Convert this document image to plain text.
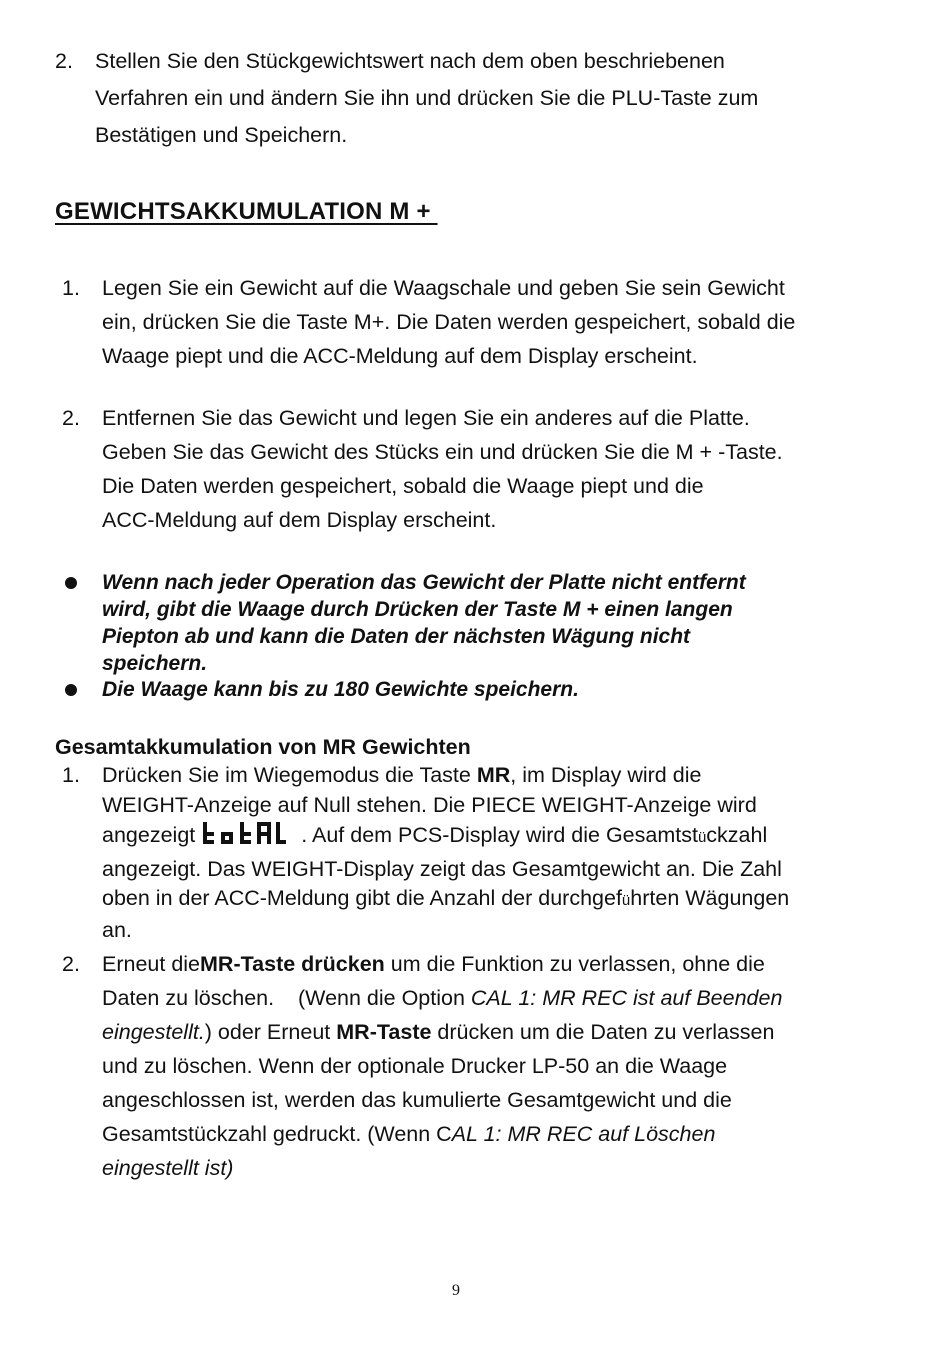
2.	Stellen Sie den Stückgewichtswert nach dem oben beschriebenen
Verfahren ein und ändern Sie ihn und drücken Sie die PLU-Taste zum
Bestätigen und Speichern.
GEWICHTSAKKUMULATION M +
1.	Legen Sie ein Gewicht auf die Waagschale und geben Sie sein Gewicht
ein, drücken Sie die Taste M+. Die Daten werden gespeichert, sobald die
Waage piept und die ACC-Meldung auf dem Display erscheint.
2.	Entfernen Sie das Gewicht und legen Sie ein anderes auf die Platte.
Geben Sie das Gewicht des Stücks ein und drücken Sie die M + -Taste.
Die Daten werden gespeichert, sobald die Waage piept und die
ACC-Meldung auf dem Display erscheint.
Wenn nach jeder Operation das Gewicht der Platte nicht entfernt
wird, gibt die Waage durch Drücken der Taste M + einen langen
Piepton ab und kann die Daten der nächsten Wägung nicht
speichern.
Die Waage kann bis zu 180 Gewichte speichern.
Gesamtakkumulation von MR Gewichten
1.	Drücken Sie im Wiegemodus die Taste MR, im Display wird die
WEIGHT-Anzeige auf Null stehen. Die PIECE WEIGHT-Anzeige wird
angezeigt	. Auf dem PCS-Display wird die Gesamtstückzahl
angezeigt. Das WEIGHT-Display zeigt das Gesamtgewicht an. Die Zahl
oben in der ACC-Meldung gibt die Anzahl der durchgeführten Wägungen
an.
2.	Erneut dieMR-Taste drücken um die Funktion zu verlassen, ohne die
Daten zu löschen.    (Wenn die Option CAL 1: MR REC ist auf Beenden
eingestellt.) oder Erneut MR-Taste drücken um die Daten zu verlassen
und zu löschen. Wenn der optionale Drucker LP-50 an die Waage
angeschlossen ist, werden das kumulierte Gesamtgewicht und die
Gesamtstückzahl gedruckt. (Wenn CAL 1: MR REC auf Löschen
eingestellt ist)
9
